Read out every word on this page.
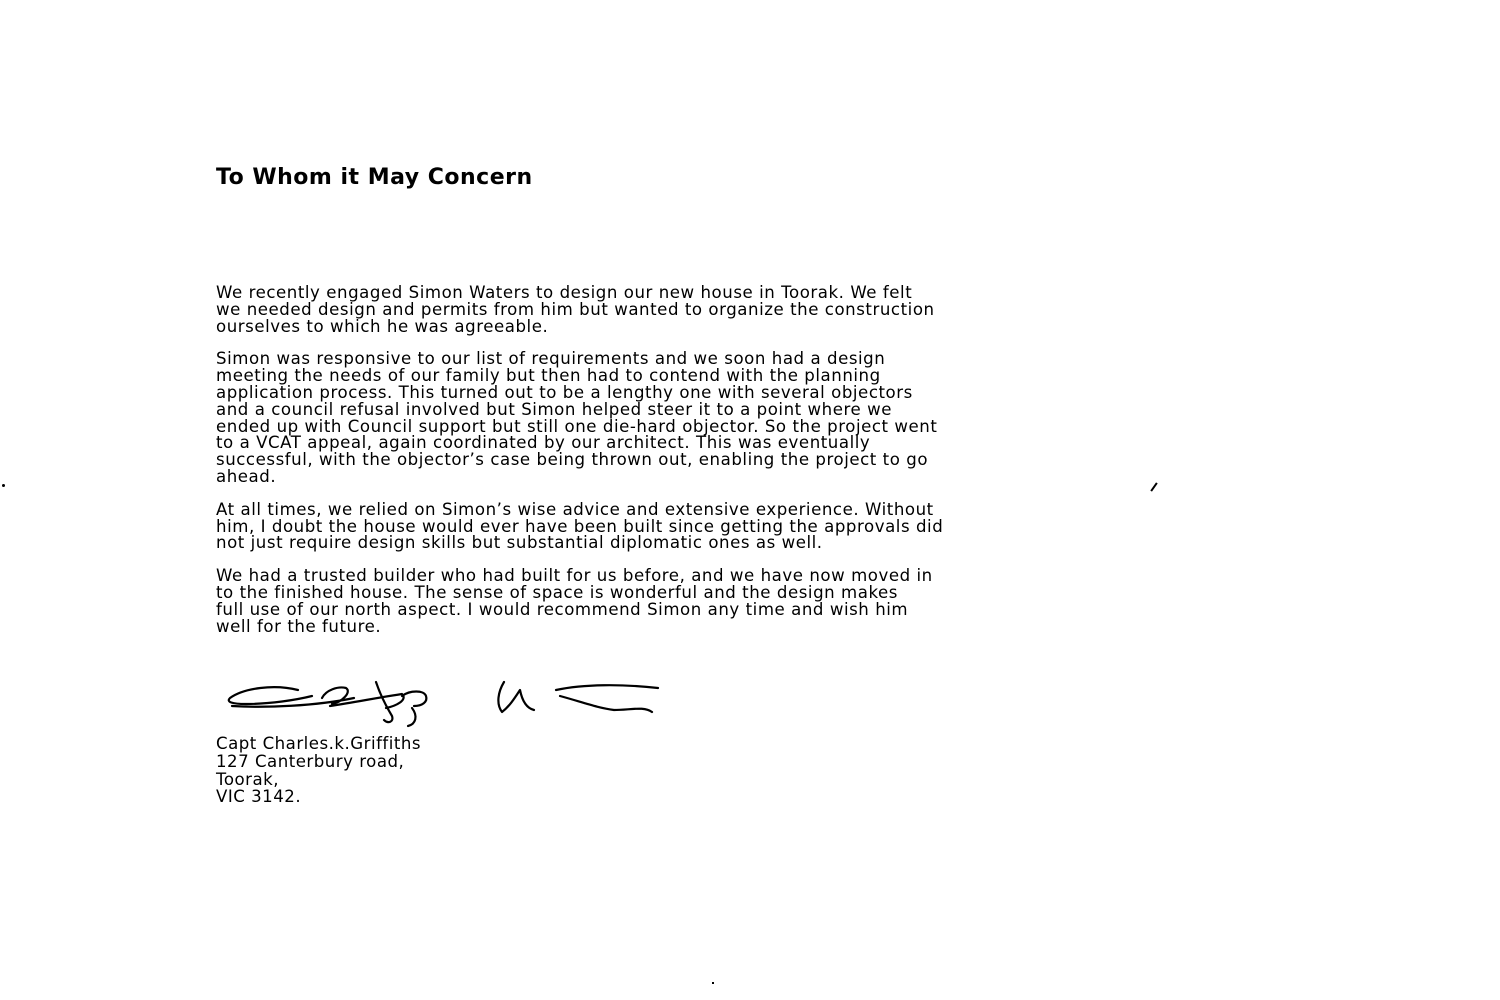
To Whom it May Concern

We recently engaged Simon Waters to design our new house in Toorak. We felt
we needed design and permits from him but wanted to organize the construction
ourselves to which he was agreeable.

Simon was responsive to our list of requirements and we soon had a design
meeting the needs of our family but then had to contend with the planning
application process. This turned out to be a lengthy one with several objectors
and a council refusal involved but Simon helped steer it to a point where we
ended up with Council support but still one die-hard objector. So the project went
to a VCAT appeal, again coordinated by our architect. This was eventually
successful, with the objector’s case being thrown out, enabling the project to go
ahead.

At all times, we relied on Simon’s wise advice and extensive experience. Without
him, I doubt the house would ever have been built since getting the approvals did
not just require design skills but substantial diplomatic ones as well.

We had a trusted builder who had built for us before, and we have now moved in
to the finished house. The sense of space is wonderful and the design makes
full use of our north aspect. I would recommend Simon any time and wish him
well for the future.

Capt Charles.k.Griffiths
127 Canterbury road,
Toorak,
VIC 3142.
